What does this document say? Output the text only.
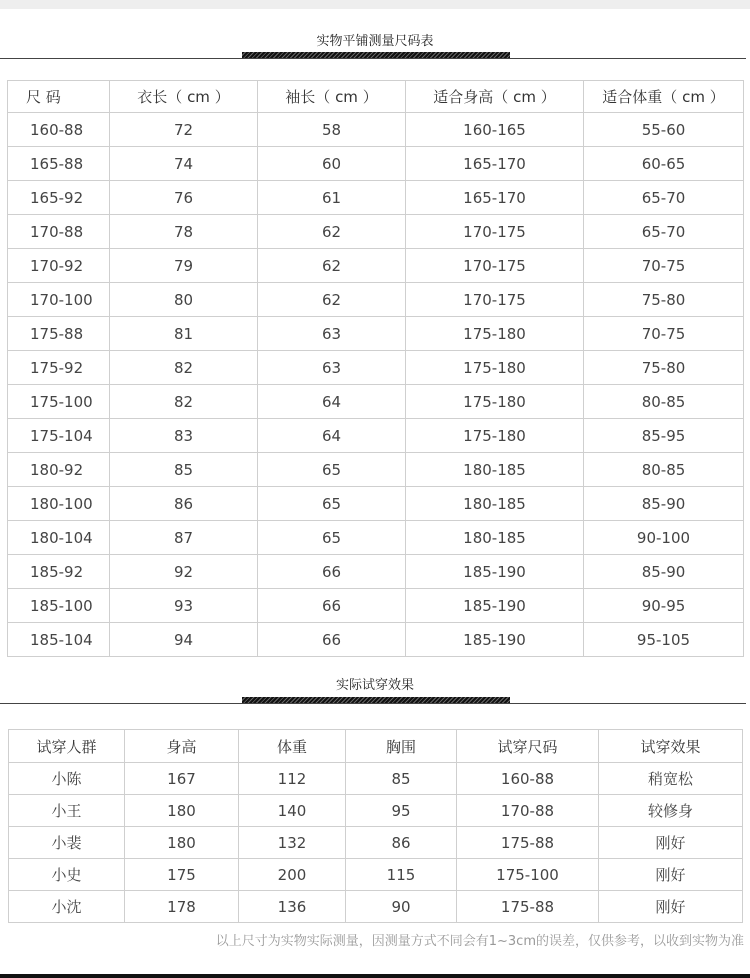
实物平铺测量尺码表
尺 码	衣长（ cm ）	袖长（ cm ）	适合身高（ cm ）	适合体重（ cm ）
160-88	72	58	160-165	55-60
165-88	74	60	165-170	60-65
165-92	76	61	165-170	65-70
170-88	78	62	170-175	65-70
170-92	79	62	170-175	70-75
170-100	80	62	170-175	75-80
175-88	81	63	175-180	70-75
175-92	82	63	175-180	75-80
175-100	82	64	175-180	80-85
175-104	83	64	175-180	85-95
180-92	85	65	180-185	80-85
180-100	86	65	180-185	85-90
180-104	87	65	180-185	90-100
185-92	92	66	185-190	85-90
185-100	93	66	185-190	90-95
185-104	94	66	185-190	95-105
实际试穿效果
试穿人群	身高	体重	胸围	试穿尺码	试穿效果
小陈	167	112	85	160-88	稍宽松
小王	180	140	95	170-88	较修身
小裴	180	132	86	175-88	刚好
小史	175	200	115	175-100	刚好
小沈	178	136	90	175-88	刚好
以上尺寸为实物实际测量，因测量方式不同会有1~3cm的误差，仅供参考，以收到实物为准
